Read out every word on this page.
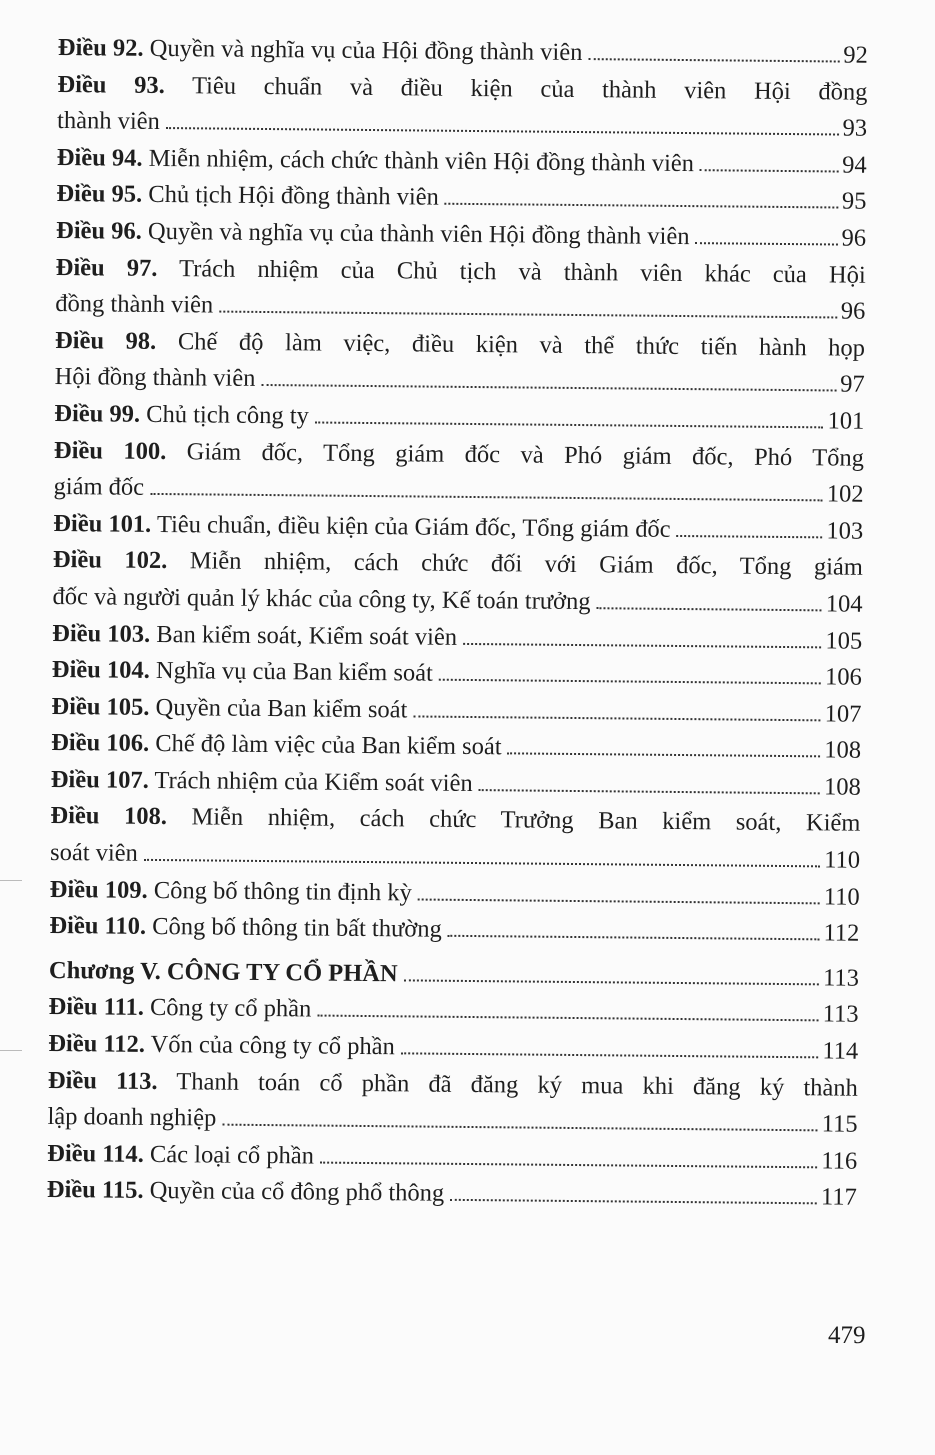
Điều 92. Quyền và nghĩa vụ của Hội đồng thành viên	92
Điều 93. Tiêu chuẩn và điều kiện của thành viên Hội đồng
thành viên	93
Điều 94. Miễn nhiệm, cách chức thành viên Hội đồng thành viên	94
Điều 95. Chủ tịch Hội đồng thành viên	95
Điều 96. Quyền và nghĩa vụ của thành viên Hội đồng thành viên	96
Điều 97. Trách nhiệm của Chủ tịch và thành viên khác của Hội
đồng thành viên	96
Điều 98. Chế độ làm việc, điều kiện và thể thức tiến hành họp
Hội đồng thành viên	97
Điều 99. Chủ tịch công ty	101
Điều 100. Giám đốc, Tổng giám đốc và Phó giám đốc, Phó Tổng
giám đốc	102
Điều 101. Tiêu chuẩn, điều kiện của Giám đốc, Tổng giám đốc	103
Điều 102. Miễn nhiệm, cách chức đối với Giám đốc, Tổng giám
đốc và người quản lý khác của công ty, Kế toán trưởng	104
Điều 103. Ban kiểm soát, Kiểm soát viên	105
Điều 104. Nghĩa vụ của Ban kiểm soát	106
Điều 105. Quyền của Ban kiểm soát	107
Điều 106. Chế độ làm việc của Ban kiểm soát	108
Điều 107. Trách nhiệm của Kiểm soát viên	108
Điều 108. Miễn nhiệm, cách chức Trưởng Ban kiểm soát, Kiểm
soát viên	110
Điều 109. Công bố thông tin định kỳ	110
Điều 110. Công bố thông tin bất thường	112
Chương V. CÔNG TY CỔ PHẦN	113
Điều 111. Công ty cổ phần	113
Điều 112. Vốn của công ty cổ phần	114
Điều 113. Thanh toán cổ phần đã đăng ký mua khi đăng ký thành
lập doanh nghiệp	115
Điều 114. Các loại cổ phần	116
Điều 115. Quyền của cổ đông phổ thông	117
479
